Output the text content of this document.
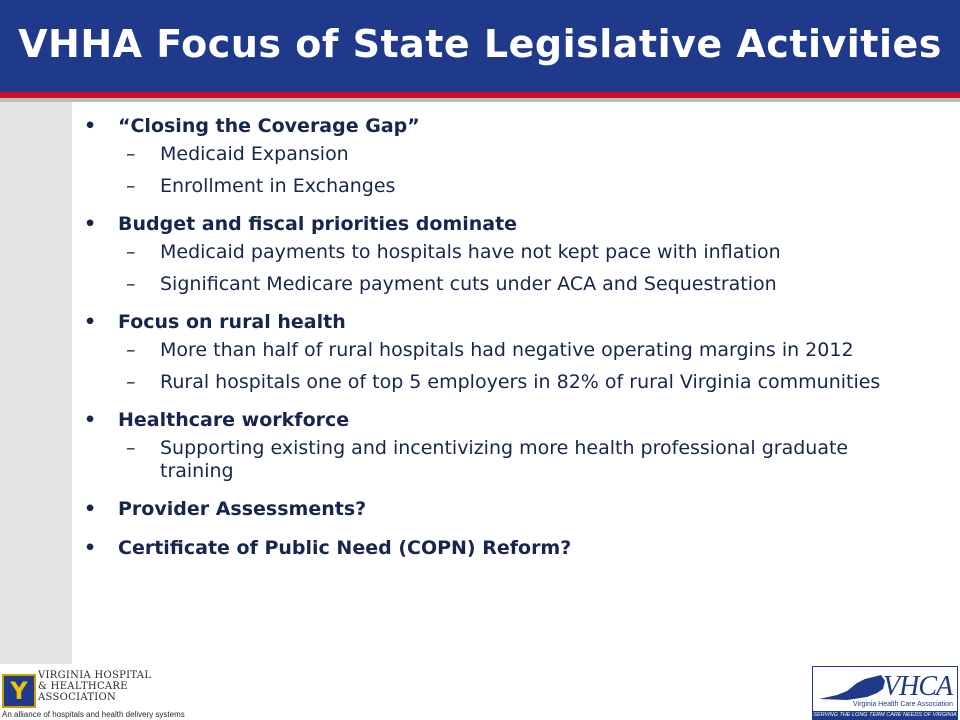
VHHA Focus of State Legislative Activities
•	“Closing the Coverage Gap”
– Medicaid Expansion
– Enrollment in Exchanges
•	Budget and fiscal priorities dominate
– Medicaid payments to hospitals have not kept pace with inflation
– Significant Medicare payment cuts under ACA and Sequestration
•	Focus on rural health
– More than half of rural hospitals had negative operating margins in 2012
– Rural hospitals one of top 5 employers in 82% of rural Virginia communities
•	Healthcare workforce
– Supporting existing and incentivizing more health professional graduate training
•	Provider Assessments?
•	Certificate of Public Need (COPN) Reform?
Y
VIRGINIA HOSPITAL
& HEALTHCARE
ASSOCIATION
An alliance of hospitals and health delivery systems
VHCA
Virginia Health Care Association
SERVING THE LONG TERM CARE NEEDS OF VIRGINIA
